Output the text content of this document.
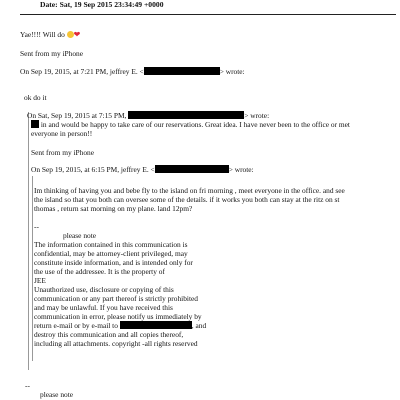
Date: Sat, 19 Sep 2015 23:34:49 +0000
Yae!!!! Will do ❤
Sent from my iPhone
On Sep 19, 2015, at 7:21 PM, jeffrey E. <	> wrote:
ok do it
On Sat, Sep 19, 2015 at 7:15 PM,	> wrote:
in and would be happy to take care of our reservations. Great idea. I have never been to the office or met
everyone in person!!
Sent from my iPhone
On Sep 19, 2015, at 6:15 PM, jeffrey E. <	> wrote:
Im thinking of having you and bebe fly to the island on fri morning , meet everyone in the office. and see
the island so that you both can oversee some of the details. if it works you both can stay at the ritz on st
thomas , return sat morning on my plane. land 12pm?
--
please note
The information contained in this communication is
confidential, may be attorney-client privileged, may
constitute inside information, and is intended only for
the use of the addressee. It is the property of
JEE
Unauthorized use, disclosure or copying of this
communication or any part thereof is strictly prohibited
and may be unlawful. If you have received this
communication in error, please notify us immediately by
return e-mail or by e-mail to	, and
destroy this communication and all copies thereof,
including all attachments. copyright -all rights reserved
--
please note
